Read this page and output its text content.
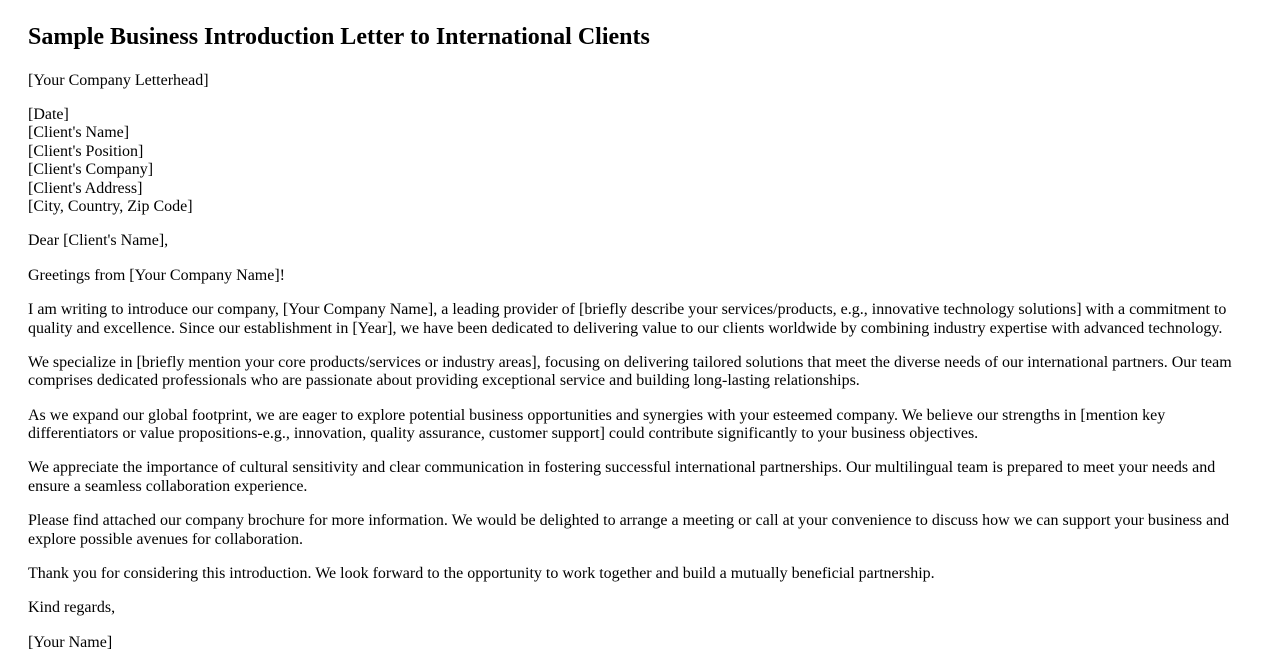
Sample Business Introduction Letter to International Clients

[Your Company Letterhead]

[Date]
[Client's Name]
[Client's Position]
[Client's Company]
[Client's Address]
[City, Country, Zip Code]

Dear [Client's Name],

Greetings from [Your Company Name]!

I am writing to introduce our company, [Your Company Name], a leading provider of [briefly describe your services/products, e.g., innovative technology solutions] with a commitment to quality and excellence. Since our establishment in [Year], we have been dedicated to delivering value to our clients worldwide by combining industry expertise with advanced technology.

We specialize in [briefly mention your core products/services or industry areas], focusing on delivering tailored solutions that meet the diverse needs of our international partners. Our team comprises dedicated professionals who are passionate about providing exceptional service and building long-lasting relationships.

As we expand our global footprint, we are eager to explore potential business opportunities and synergies with your esteemed company. We believe our strengths in [mention key differentiators or value propositions-e.g., innovation, quality assurance, customer support] could contribute significantly to your business objectives.

We appreciate the importance of cultural sensitivity and clear communication in fostering successful international partnerships. Our multilingual team is prepared to meet your needs and ensure a seamless collaboration experience.

Please find attached our company brochure for more information. We would be delighted to arrange a meeting or call at your convenience to discuss how we can support your business and explore possible avenues for collaboration.

Thank you for considering this introduction. We look forward to the opportunity to work together and build a mutually beneficial partnership.

Kind regards,

[Your Name]
